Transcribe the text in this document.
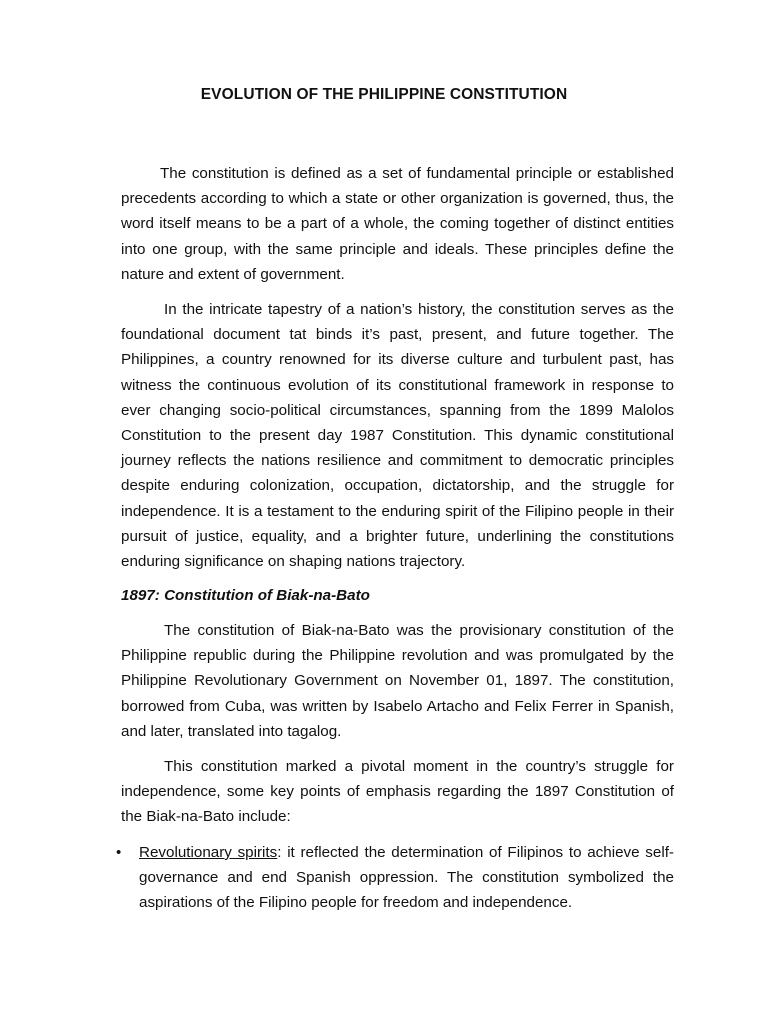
EVOLUTION OF THE PHILIPPINE CONSTITUTION

The constitution is defined as a set of fundamental principle or established precedents according to which a state or other organization is governed, thus, the word itself means to be a part of a whole, the coming together of distinct entities into one group, with the same principle and ideals. These principles define the nature and extent of government.

In the intricate tapestry of a nation’s history, the constitution serves as the foundational document tat binds it’s past, present, and future together. The Philippines, a country renowned for its diverse culture and turbulent past, has witness the continuous evolution of its constitutional framework in response to ever changing socio-political circumstances, spanning from the 1899 Malolos Constitution to the present day 1987 Constitution. This dynamic constitutional journey reflects the nations resilience and commitment to democratic principles despite enduring colonization, occupation, dictatorship, and the struggle for independence. It is a testament to the enduring spirit of the Filipino people in their pursuit of justice, equality, and a brighter future, underlining the constitutions enduring significance on shaping nations trajectory.

1897: Constitution of Biak-na-Bato

The constitution of Biak-na-Bato was the provisionary constitution of the Philippine republic during the Philippine revolution and was promulgated by the Philippine Revolutionary Government on November 01, 1897. The constitution, borrowed from Cuba, was written by Isabelo Artacho and Felix Ferrer in Spanish, and later, translated into tagalog.

This constitution marked a pivotal moment in the country’s struggle for independence, some key points of emphasis regarding the 1897 Constitution of the Biak-na-Bato include:

• Revolutionary spirits: it reflected the determination of Filipinos to achieve self-governance and end Spanish oppression. The constitution symbolized the aspirations of the Filipino people for freedom and independence.
